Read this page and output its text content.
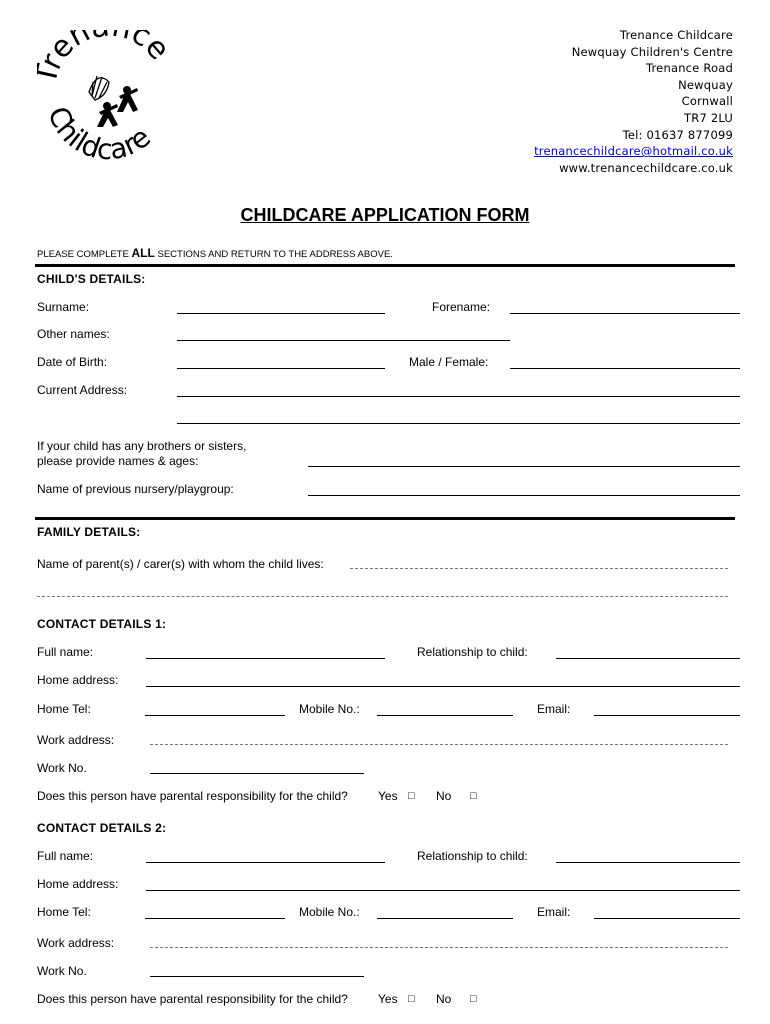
ren ce
Childcare
Trenance Childcare
Newquay Children's Centre
Trenance Road
Newquay
Cornwall
TR7 2LU
Tel: 01637 877099
trenancechildcare@hotmail.co.uk
www.trenancechildcare.co.uk
CHILDCARE APPLICATION FORM
PLEASE COMPLETE ALL SECTIONS AND RETURN TO THE ADDRESS ABOVE.
CHILD'S DETAILS:
Surname:	Forename:
Other names:
Date of Birth:	Male / Female:
Current Address:
If your child has any brothers or sisters,
please provide names & ages:
Name of previous nursery/playgroup:
FAMILY DETAILS:
Name of parent(s) / carer(s) with whom the child lives:
CONTACT DETAILS 1:
Full name:	Relationship to child:
Home address:
Home Tel:	Mobile No.:	Email:
Work address:
Work No.
Does this person have parental responsibility for the child?	Yes □ No □
CONTACT DETAILS 2:
Full name:	Relationship to child:
Home address:
Home Tel:	Mobile No.:	Email:
Work address:
Work No.
Does this person have parental responsibility for the child?	Yes □ No □
